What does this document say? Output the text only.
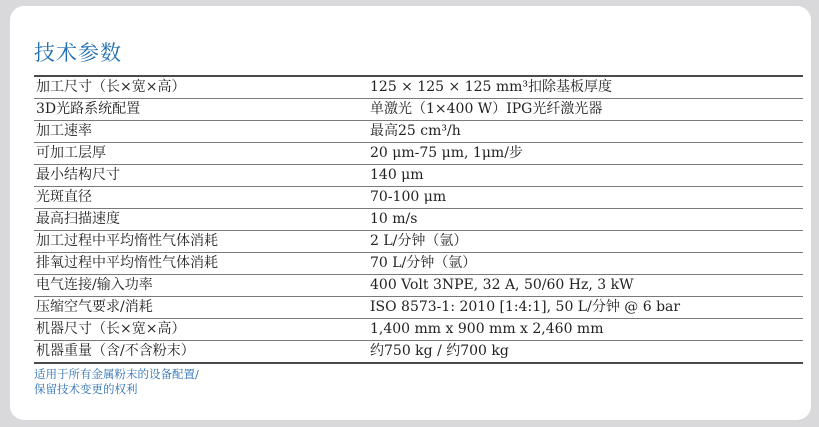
技术参数
加工尺寸（长×宽×高）	125 × 125 × 125 mm³扣除基板厚度
3D光路系统配置	单激光（1×400 W）IPG光纤激光器
加工速率	最高25 cm³/h
可加工层厚	20 μm-75 μm, 1μm/步
最小结构尺寸	140 μm
光斑直径	70-100 μm
最高扫描速度	10 m/s
加工过程中平均惰性气体消耗	2 L/分钟（氩）
排氧过程中平均惰性气体消耗	70 L/分钟（氩）
电气连接/输入功率	400 Volt 3NPE, 32 A, 50/60 Hz, 3 kW
压缩空气要求/消耗	ISO 8573-1: 2010 [1:4:1], 50 L/分钟 @ 6 bar
机器尺寸（长×宽×高）	1,400 mm x 900 mm x 2,460 mm
机器重量（含/不含粉末）	约750 kg / 约700 kg
适用于所有金属粉末的设备配置/
保留技术变更的权利
